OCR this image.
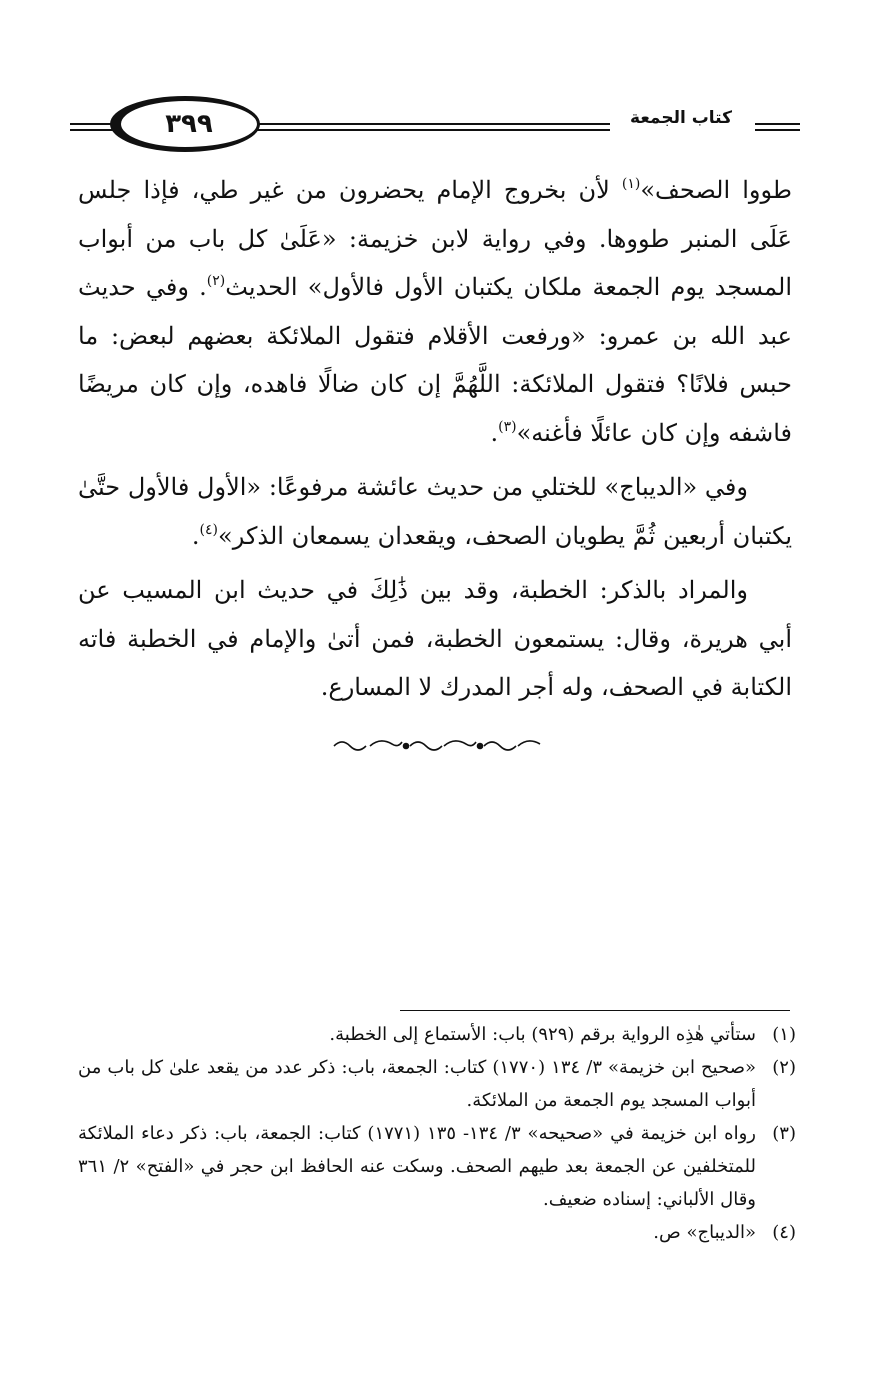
٣٩٩	كتاب الجمعة

طووا الصحف»$^{(١)}$ لأن بخروج الإمام يحضرون من غير طي، فإذا جلس عَلَى المنبر طووها. وفي رواية لابن خزيمة: «عَلَىٰ كل باب من أبواب المسجد يوم الجمعة ملكان يكتبان الأول فالأول» الحديث$^{(٢)}$. وفي حديث عبد الله بن عمرو: «ورفعت الأقلام فتقول الملائكة بعضهم لبعض: ما حبس فلانًا؟ فتقول الملائكة: اللَّهُمَّ إن كان ضالًا فاهده، وإن كان مريضًا فاشفه وإن كان عائلًا فأغنه»$^{(٣)}$.

وفي «الديباج» للختلي من حديث عائشة مرفوعًا: «الأول فالأول حتَّىٰ يكتبان أربعين ثُمَّ يطويان الصحف، ويقعدان يسمعان الذكر»$^{(٤)}$.

والمراد بالذكر: الخطبة، وقد بين ذَٰلِكَ في حديث ابن المسيب عن أبي هريرة، وقال: يستمعون الخطبة، فمن أتىٰ والإمام في الخطبة فاته الكتابة في الصحف، وله أجر المدرك لا المسارع.

(١)
ستأتي هٰذِه الرواية برقم (٩٢٩) باب: الأستماع إلى الخطبة.
(٢)
«صحيح ابن خزيمة» ٣/ ١٣٤ (١٧٧٠) كتاب: الجمعة، باب: ذكر عدد من يقعد علىٰ كل باب من أبواب المسجد يوم الجمعة من الملائكة.
(٣)
رواه ابن خزيمة في «صحيحه» ٣/ ١٣٤- ١٣٥ (١٧٧١) كتاب: الجمعة، باب: ذكر دعاء الملائكة للمتخلفين عن الجمعة بعد طيهم الصحف. وسكت عنه الحافظ ابن حجر في «الفتح» ٢/ ٣٦١ وقال الألباني: إسناده ضعيف.
(٤)
«الديباج» ص.
